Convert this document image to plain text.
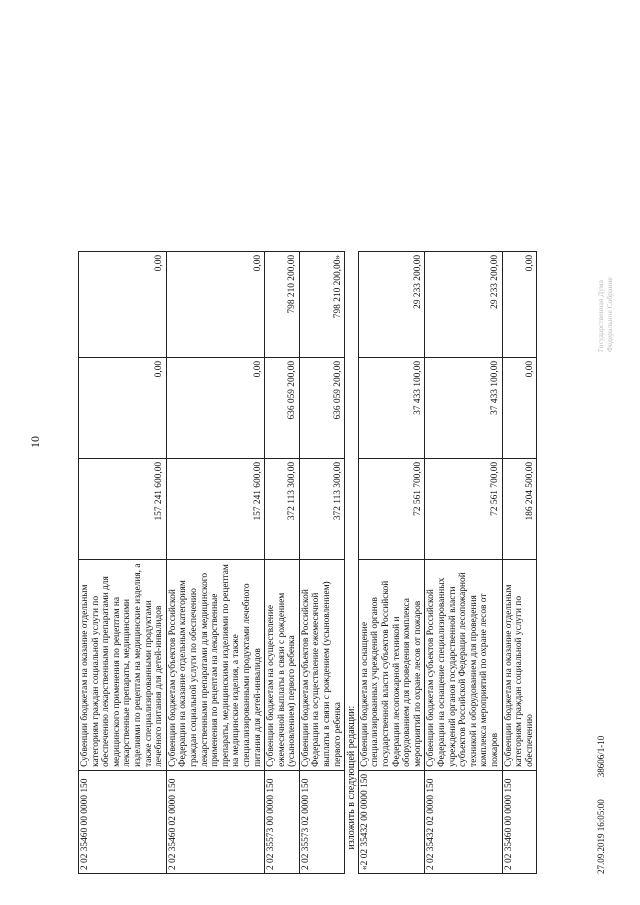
2 02 35460 00 0000 150	Субвенции бюджетам на оказание отдельным категориям граждан социальной услуги по обеспечению лекарственными препаратами для медицинского применения по рецептам на лекарственные препараты, медицинскими изделиями по рецептам на медицинские изделия, а также специализированными продуктами лечебного питания для детей-инвалидов	157 241 600,00	0,00	0,00
2 02 35460 02 0000 150	Субвенции бюджетам субъектов Российской Федерации на оказание отдельным категориям граждан социальной услуги по обеспечению лекарственными препаратами для медицинского применения по рецептам на лекарственные препараты, медицинскими изделиями по рецептам на медицинские изделия, а также специализированными продуктами лечебного питания для детей-инвалидов	157 241 600,00	0,00	0,00
2 02 35573 00 0000 150	Субвенции бюджетам на осуществление ежемесячной выплаты в связи с рождением (усыновлением) первого ребенка	372 113 300,00	636 059 200,00	798 210 200,00
2 02 35573 02 0000 150	Субвенции бюджетам субъектов Российской Федерации на осуществление ежемесячной выплаты в связи с рождением (усыновлением) первого ребенка	372 113 300,00	636 059 200,00	798 210 200,00»
изложить в следующей редакции:				
«2 02 35432 00 0000 150	Субвенции бюджетам на оснащение специализированных учреждений органов государственной власти субъектов Российской Федерации лесопожарной техникой и оборудованием для проведения комплекса мероприятий по охране лесов от пожаров	72 561 700,00	37 433 100,00	29 233 200,00
2 02 35432 02 0000 150	Субвенции бюджетам субъектов Российской Федерации на оснащение специализированных учреждений органов государственной власти субъектов Российской Федерации лесопожарной техникой и оборудованием для проведения комплекса мероприятий по охране лесов от пожаров	72 561 700,00	37 433 100,00	29 233 200,00
2 02 35460 00 0000 150	Субвенции бюджетам на оказание отдельным категориям граждан социальной услуги по обеспечению	186 204 500,00	0,00	0,00
10
27.09.2019 16:05:0038606/1-10
Государственная Дума Федеральное Собрание
